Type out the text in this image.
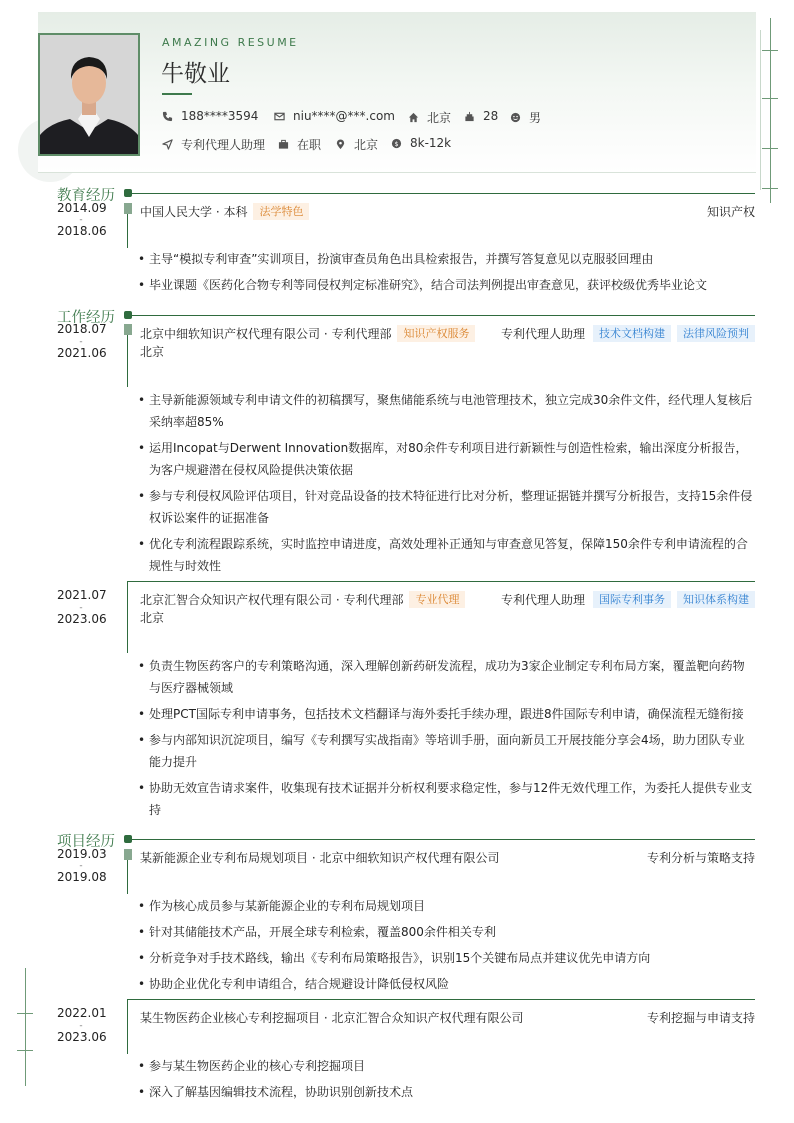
AMAZING RESUME
牛敬业
188****3594	niu****@***.com	北京	28	男
专利代理人助理	在职	北京 $ 8k-12k
教育经历
2014.09
-
2018.06
中国人民大学 · 本科	法学特色	知识产权
• 主导“模拟专利审查”实训项目，扮演审查员角色出具检索报告，并撰写答复意见以克服驳回理由
• 毕业课题《医药化合物专利等同侵权判定标准研究》，结合司法判例提出审查意见，获评校级优秀毕业论文
工作经历
2018.07
-
2021.06
北京中细软知识产权代理有限公司 · 专利代理部	知识产权服务	专利代理人助理	技术文档构建	法律风险预判
北京
• 主导新能源领域专利申请文件的初稿撰写，聚焦储能系统与电池管理技术，独立完成30余件文件，经代理人复核后采纳率超85%
• 运用Incopat与Derwent Innovation数据库，对80余件专利项目进行新颖性与创造性检索，输出深度分析报告，为客户规避潜在侵权风险提供决策依据
• 参与专利侵权风险评估项目，针对竞品设备的技术特征进行比对分析，整理证据链并撰写分析报告，支持15余件侵权诉讼案件的证据准备
• 优化专利流程跟踪系统，实时监控申请进度，高效处理补正通知与审查意见答复，保障150余件专利申请流程的合规性与时效性
2021.07
-
2023.06
北京汇智合众知识产权代理有限公司 · 专利代理部	专业代理	专利代理人助理	国际专利事务	知识体系构建
北京
• 负责生物医药客户的专利策略沟通，深入理解创新药研发流程，成功为3家企业制定专利布局方案，覆盖靶向药物与医疗器械领域
• 处理PCT国际专利申请事务，包括技术文档翻译与海外委托手续办理，跟进8件国际专利申请，确保流程无缝衔接
• 参与内部知识沉淀项目，编写《专利撰写实战指南》等培训手册，面向新员工开展技能分享会4场，助力团队专业能力提升
• 协助无效宣告请求案件，收集现有技术证据并分析权利要求稳定性，参与12件无效代理工作，为委托人提供专业支持
项目经历
2019.03
-
2019.08
某新能源企业专利布局规划项目 · 北京中细软知识产权代理有限公司	专利分析与策略支持
• 作为核心成员参与某新能源企业的专利布局规划项目
• 针对其储能技术产品，开展全球专利检索，覆盖800余件相关专利
• 分析竞争对手技术路线，输出《专利布局策略报告》，识别15个关键布局点并建议优先申请方向
• 协助企业优化专利申请组合，结合规避设计降低侵权风险
2022.01
-
2023.06
某生物医药企业核心专利挖掘项目 · 北京汇智合众知识产权代理有限公司	专利挖掘与申请支持
• 参与某生物医药企业的核心专利挖掘项目
• 深入了解基因编辑技术流程，协助识别创新技术点
